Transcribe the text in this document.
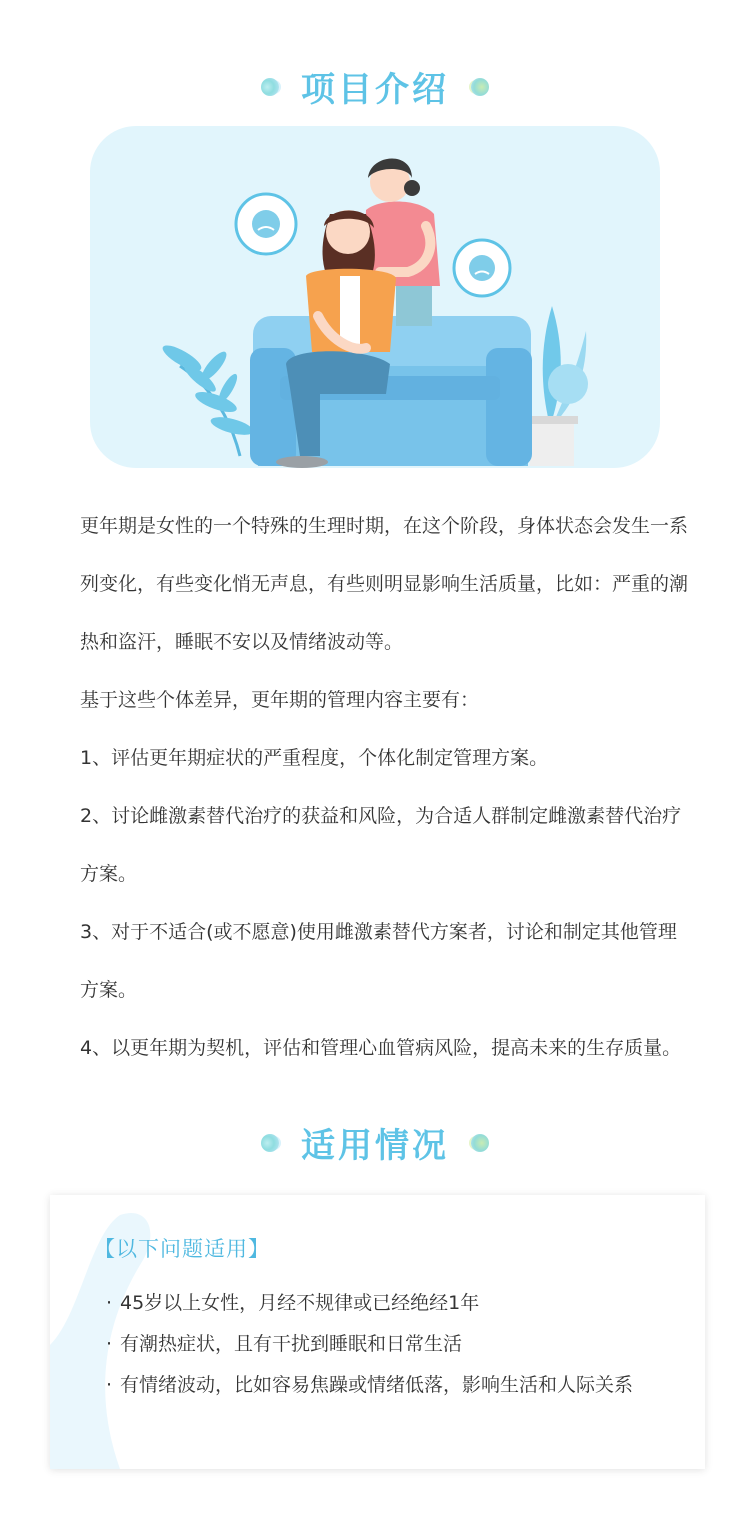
项目介绍

更年期是女性的一个特殊的生理时期，在这个阶段，身体状态会发生一系列变化，有些变化悄无声息，有些则明显影响生活质量，比如：严重的潮热和盗汗，睡眠不安以及情绪波动等。

基于这些个体差异，更年期的管理内容主要有：

1、评估更年期症状的严重程度，个体化制定管理方案。

2、讨论雌激素替代治疗的获益和风险，为合适人群制定雌激素替代治疗方案。

3、对于不适合(或不愿意)使用雌激素替代方案者，讨论和制定其他管理方案。

4、以更年期为契机，评估和管理心血管病风险，提高未来的生存质量。

适用情况
【以下问题适用】
· 45岁以上女性，月经不规律或已经绝经1年
· 有潮热症状，且有干扰到睡眠和日常生活
· 有情绪波动，比如容易焦躁或情绪低落，影响生活和人际关系
